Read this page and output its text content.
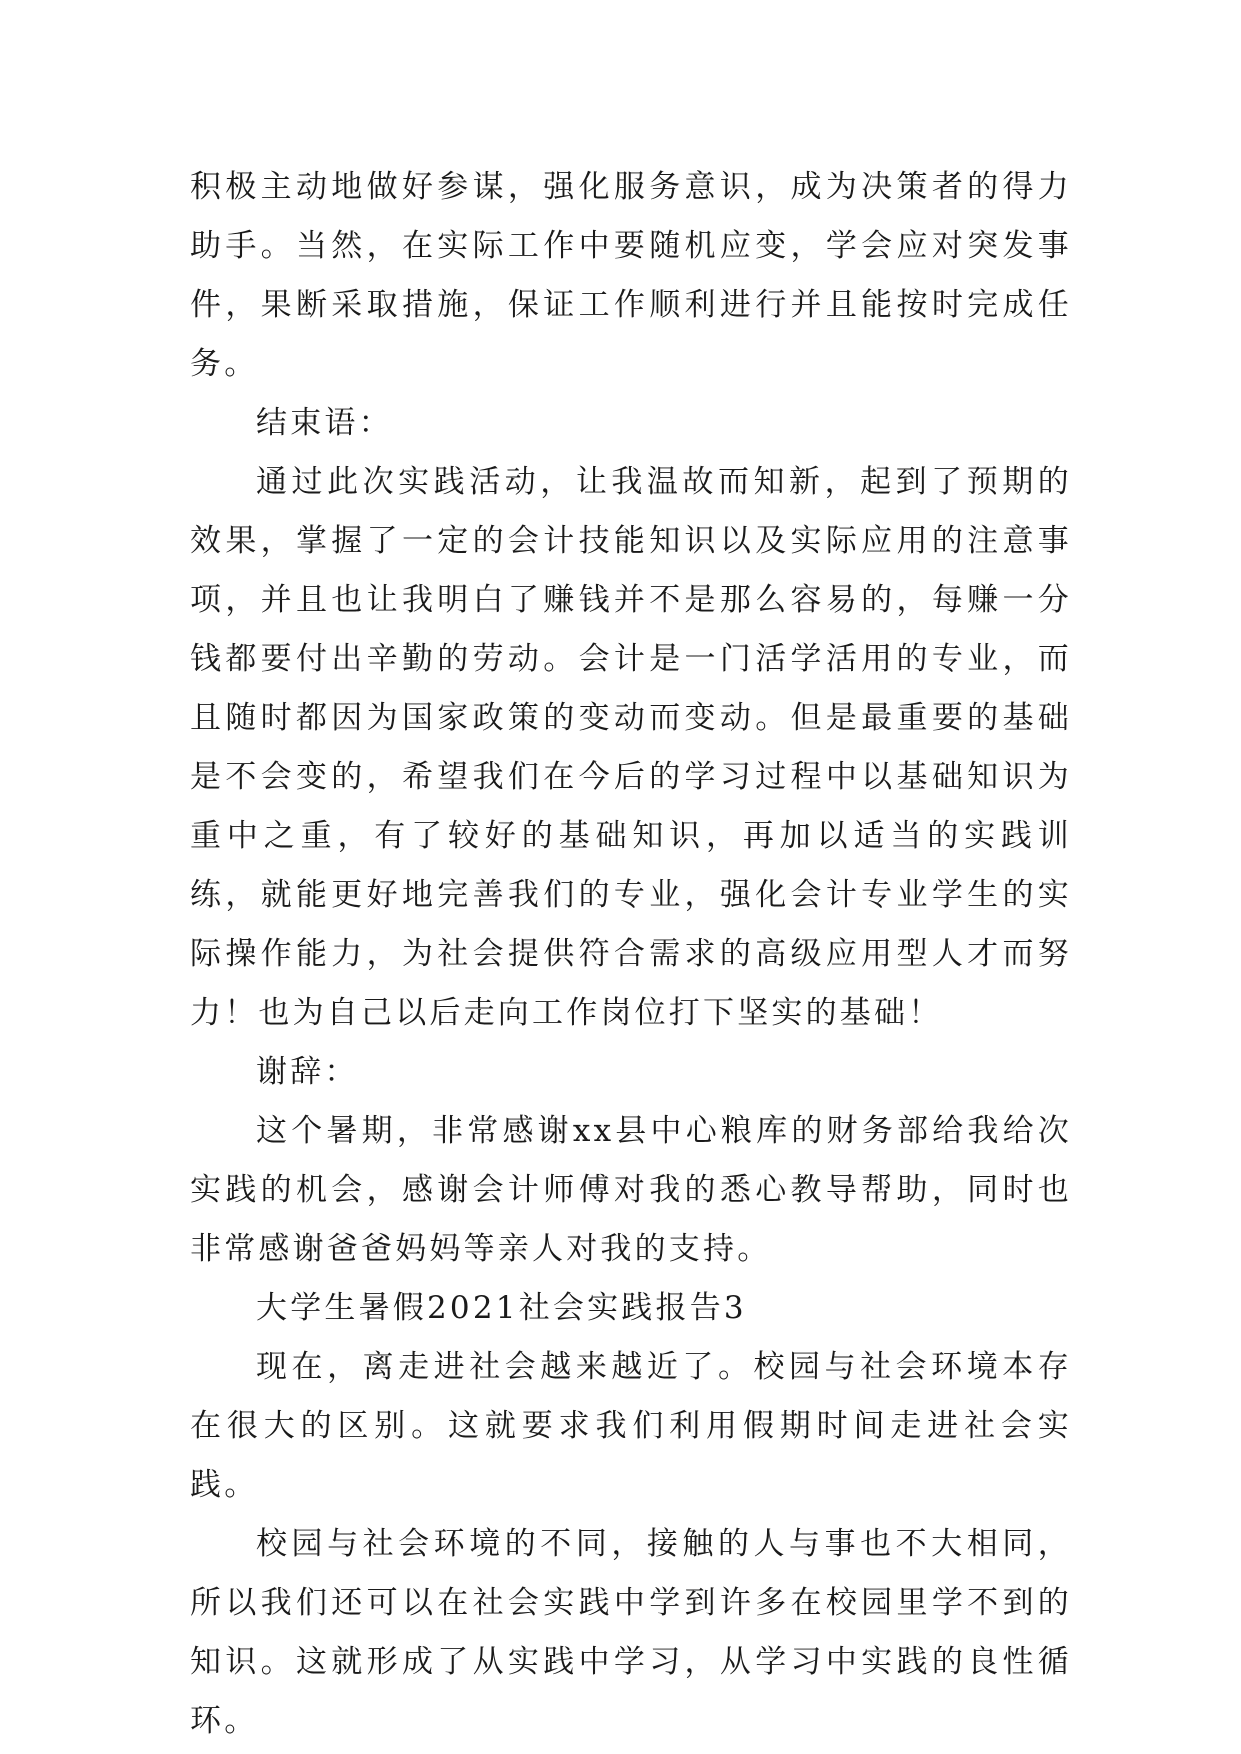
积极主动地做好参谋，强化服务意识，成为决策者的得力助手。当然，在实际工作中要随机应变，学会应对突发事件，果断采取措施，保证工作顺利进行并且能按时完成任务。

结束语：

通过此次实践活动，让我温故而知新，起到了预期的效果，掌握了一定的会计技能知识以及实际应用的注意事项，并且也让我明白了赚钱并不是那么容易的，每赚一分钱都要付出辛勤的劳动。会计是一门活学活用的专业，而且随时都因为国家政策的变动而变动。但是最重要的基础是不会变的，希望我们在今后的学习过程中以基础知识为重中之重，有了较好的基础知识，再加以适当的实践训练，就能更好地完善我们的专业，强化会计专业学生的实际操作能力，为社会提供符合需求的高级应用型人才而努力！也为自己以后走向工作岗位打下坚实的基础！

谢辞：

这个暑期，非常感谢xx县中心粮库的财务部给我给次实践的机会，感谢会计师傅对我的悉心教导帮助，同时也非常感谢爸爸妈妈等亲人对我的支持。

大学生暑假2021社会实践报告3

现在，离走进社会越来越近了。校园与社会环境本存在很大的区别。这就要求我们利用假期时间走进社会实践。

校园与社会环境的不同，接触的人与事也不大相同，所以我们还可以在社会实践中学到许多在校园里学不到的知识。这就形成了从实践中学习，从学习中实践的良性循环。
